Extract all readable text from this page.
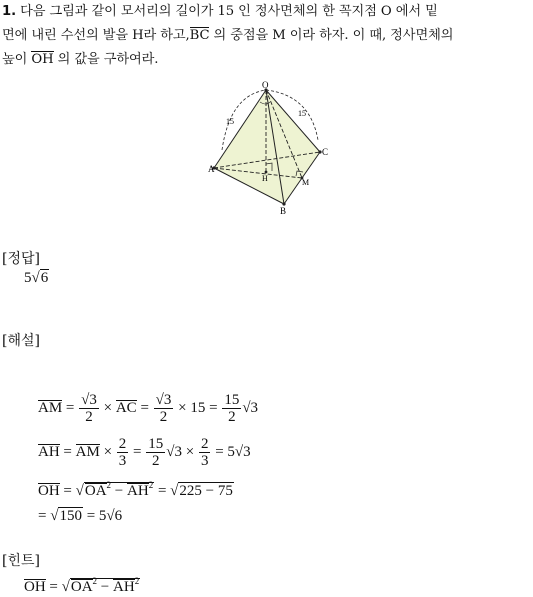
1. 다음 그림과 같이 모서리의 길이가 15 인 정사면체의 한 꼭지점 O 에서 밑
면에 내린 수선의 발을 H라 하고,BC 의 중점을 M 이라 하자. 이 때, 정사면체의
높이 OH 의 값을 구하여라.
O
A
B
C
H	M
15
15
[정답]
5√6
[해설]
AM = $\frac{√3}{2}$ × AC = $\frac{√3}{2} \times 15 = \frac{15}{2} √3$
AH = AM × $\frac{2}{3} = \frac{15}{2} √3 \times \frac{2}{3} = 5√3$
OH = $√OA^2 - AH^2 = √225 - 75$
= √150 = 5√6
[힌트]
OH = $√OA^2 - AH^2$
